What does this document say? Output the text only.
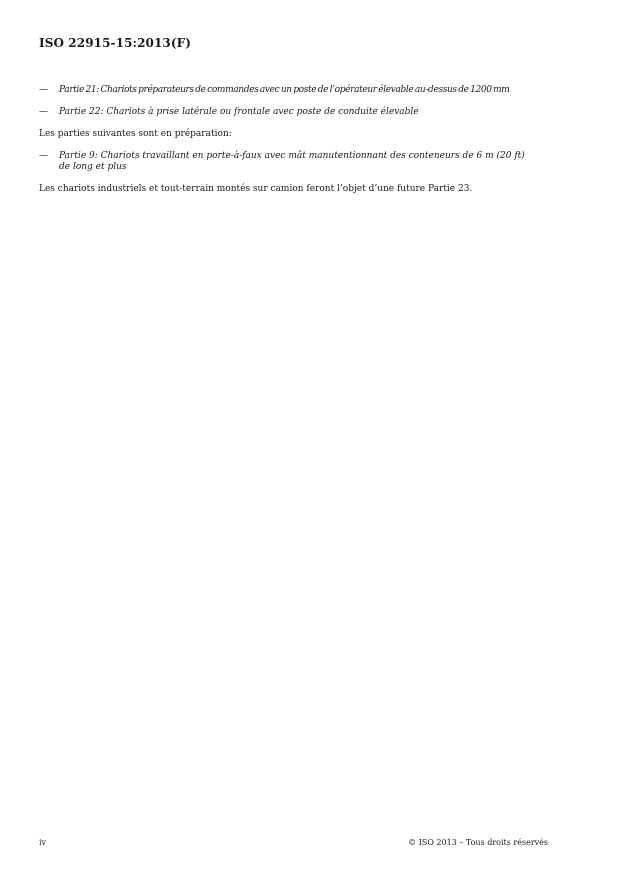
ISO 22915-15:2013(F)
— Partie 21: Chariots préparateurs de commandes avec un poste de l’opérateur élevable au-dessus de 1200 mm
— Partie 22: Chariots à prise latérale ou frontale avec poste de conduite élevable
Les parties suivantes sont en préparation:
— Partie 9: Chariots travaillant en porte-à-faux avec mât manutentionnant des conteneurs de 6 m (20 ft)
de long et plus
Les chariots industriels et tout-terrain montés sur camion feront l’objet d’une future Partie 23.
iv	© ISO 2013 – Tous droits réservés
